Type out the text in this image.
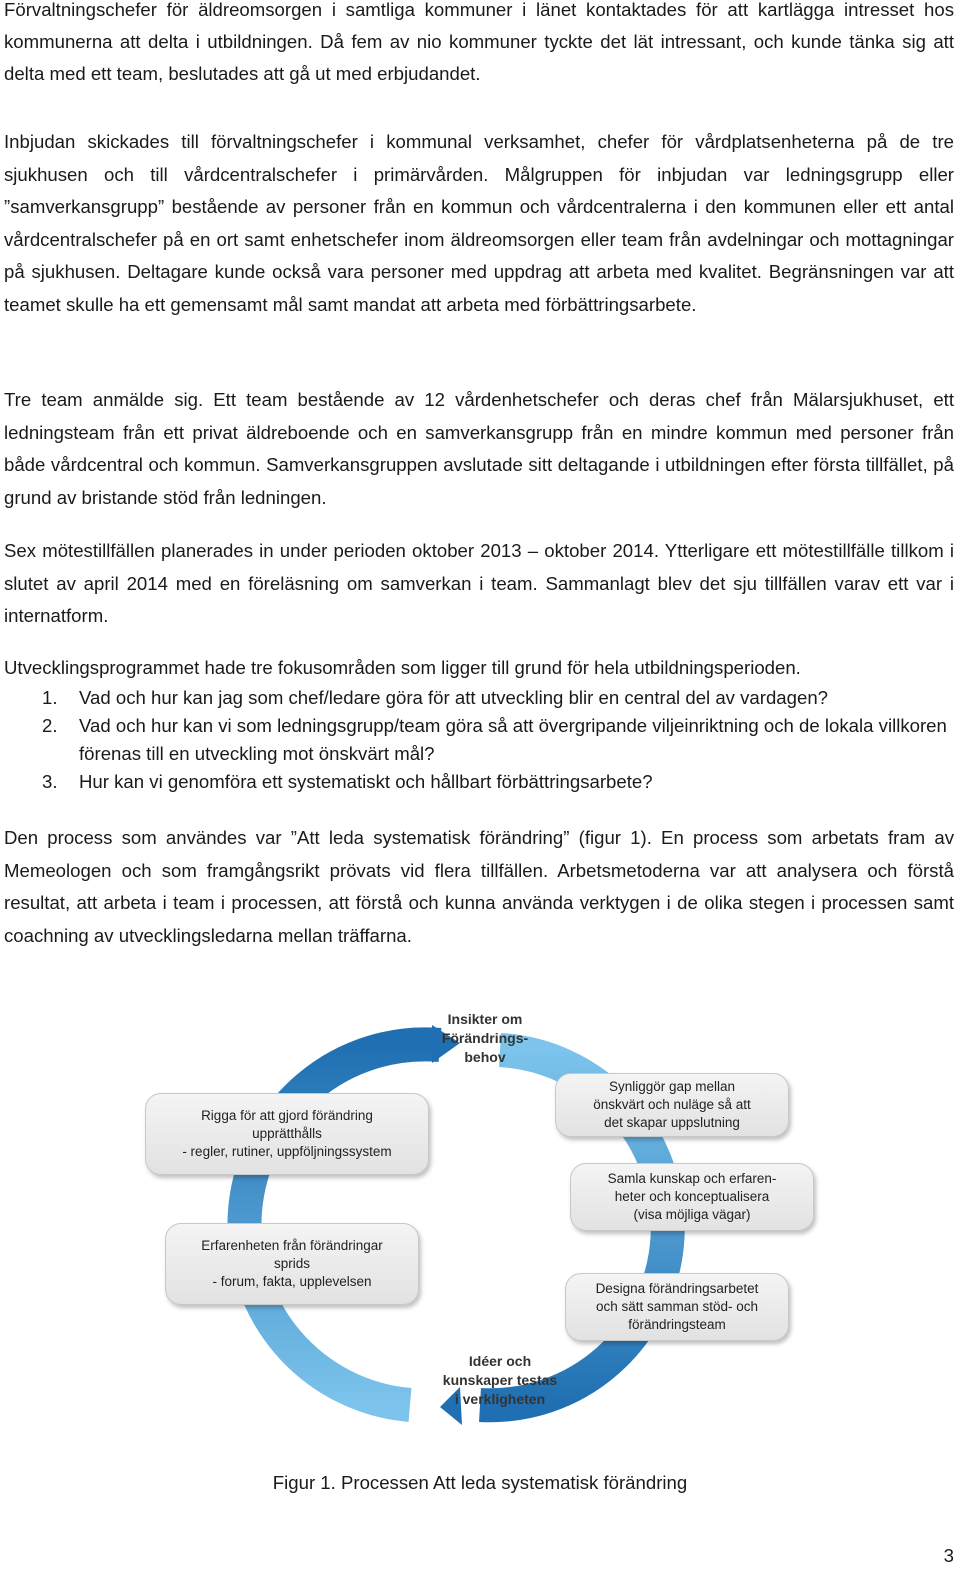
Förvaltningschefer för äldreomsorgen i samtliga kommuner i länet kontaktades för att kartlägga intresset hos kommunerna att delta i utbildningen. Då fem av nio kommuner tyckte det lät intressant, och kunde tänka sig att delta med ett team, beslutades att gå ut med erbjudandet.

Inbjudan skickades till förvaltningschefer i kommunal verksamhet, chefer för vårdplatsenheterna på de tre sjukhusen och till vårdcentralschefer i primärvården. Målgruppen för inbjudan var ledningsgrupp eller ”samverkansgrupp” bestående av personer från en kommun och vårdcentralerna i den kommunen eller ett antal vårdcentralschefer på en ort samt enhetschefer inom äldreomsorgen eller team från avdelningar och mottagningar på sjukhusen. Deltagare kunde också vara personer med uppdrag att arbeta med kvalitet. Begränsningen var att teamet skulle ha ett gemensamt mål samt mandat att arbeta med förbättringsarbete.

Tre team anmälde sig. Ett team bestående av 12 vårdenhetschefer och deras chef från Mälarsjukhuset, ett ledningsteam från ett privat äldreboende och en samverkansgrupp från en mindre kommun med personer från både vårdcentral och kommun. Samverkansgruppen avslutade sitt deltagande i utbildningen efter första tillfället, på grund av bristande stöd från ledningen.

Sex mötestillfällen planerades in under perioden oktober 2013 – oktober 2014. Ytterligare ett mötestillfälle tillkom i slutet av april 2014 med en föreläsning om samverkan i team. Sammanlagt blev det sju tillfällen varav ett var i internatform.

Utvecklingsprogrammet hade tre fokusområden som ligger till grund för hela utbildningsperioden.

1. Vad och hur kan jag som chef/ledare göra för att utveckling blir en central del av vardagen?
2. Vad och hur kan vi som ledningsgrupp/team göra så att övergripande viljeinriktning och de lokala villkoren förenas till en utveckling mot önskvärt mål?
3. Hur kan vi genomföra ett systematiskt och hållbart förbättringsarbete?

Den process som användes var ”Att leda systematisk förändring” (figur 1). En process som arbetats fram av Memeologen och som framgångsrikt prövats vid flera tillfällen. Arbetsmetoderna var att analysera och förstå resultat, att arbeta i team i processen, att förstå och kunna använda verktygen i de olika stegen i processen samt coachning av utvecklingsledarna mellan träffarna.

Insikter om
Förändrings-
behov
Idéer och
kunskaper testas
i verkligheten
Synliggör gap mellan
önskvärt och nuläge så att
det skapar uppslutning
Samla kunskap och erfaren-
heter och konceptualisera
(visa möjliga vägar)
Designa förändringsarbetet
och sätt samman stöd- och
förändringsteam
Rigga för att gjord förändring
upprätthålls
- regler, rutiner, uppföljningssystem
Erfarenheten från förändringar
sprids
- forum, fakta, upplevelsen
Figur 1. Processen Att leda systematisk förändring
3
